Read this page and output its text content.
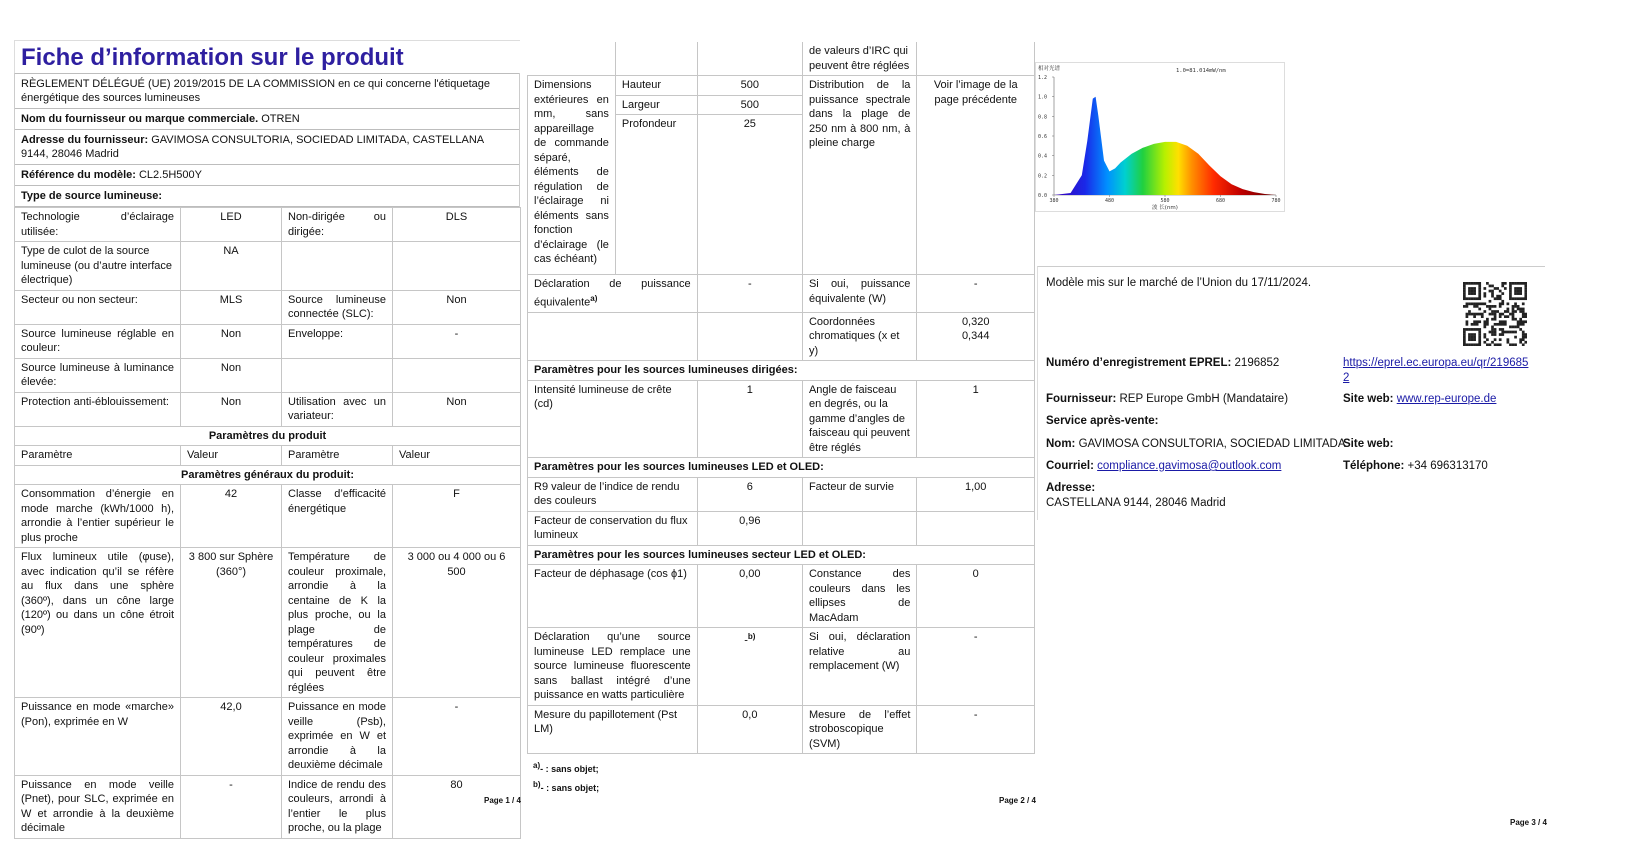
Fiche d’information sur le produit
RÈGLEMENT DÉLÉGUÉ (UE) 2019/2015 DE LA COMMISSION en ce qui concerne l'étiquetage énergétique des sources lumineuses
Nom du fournisseur ou marque commerciale. OTREN
Adresse du fournisseur: GAVIMOSA CONSULTORIA, SOCIEDAD LIMITADA, CASTELLANA 9144, 28046 Madrid
Référence du modèle: CL2.5H500Y
Type de source lumineuse:
Technologie d’éclairage utilisée:	LED	Non-dirigée ou dirigée:	DLS
Type de culot de la source lumineuse (ou d’autre interface électrique)	NA		
Secteur ou non secteur:	MLS	Source lumineuse connectée (SLC):	Non
Source lumineuse réglable en couleur:	Non	Enveloppe:	-
Source lumineuse à luminance élevée:	Non		
Protection anti-éblouissement:	Non	Utilisation avec un variateur:	Non
Paramètres du produit			
Paramètre	Valeur	Paramètre	Valeur
Paramètres généraux du produit:			
Consommation d’énergie en mode marche (kWh/1000 h), arrondie à l’entier supérieur le plus proche	42	Classe d’efficacité énergétique	F
Flux lumineux utile (φuse), avec indication qu’il se réfère au flux dans une sphère (360º), dans un cône large (120º) ou dans un cône étroit (90º)	3 800 sur Sphère (360°)	Température de couleur proximale, arrondie à la centaine de K la plus proche, ou la plage de températures de couleur proximales qui peuvent être réglées	3 000 ou 4 000 ou 6 500
Puissance en mode «marche» (Pon), exprimée en W	42,0	Puissance en mode veille (Psb), exprimée en W et arrondie à la deuxième décimale	-
Puissance en mode veille (Pnet), pour SLC, exprimée en W et arrondie à la deuxième décimale	-	Indice de rendu des couleurs, arrondi à l’entier le plus proche, ou la plage	80
Page 1 / 4
			de valeurs d’IRC qui peuvent être réglées	
Dimensions extérieures en mm, sans appareillage de commande séparé, éléments de régulation de l’éclairage ni éléments sans fonction d’éclairage (le cas échéant)	Hauteur	500	Distribution de la puissance spectrale dans la plage de 250 nm à 800 nm, à pleine charge	Voir l’image de la page précédente
	Largeur	500		
	Profondeur	25		
Déclaration de puissance équivalente$^{a)}$		-	Si oui, puissance équivalente (W)	-
			Coordonnées chromatiques (x et y)	0,320
0,344

Paramètres pour les sources lumineuses dirigées:				
Intensité lumineuse de crête (cd)		1	Angle de faisceau en degrés, ou la gamme d’angles de faisceau qui peuvent être réglés	1
Paramètres pour les sources lumineuses LED et OLED:				
R9 valeur de l’indice de rendu des couleurs		6	Facteur de survie	1,00
Facteur de conservation du flux lumineux		0,96		
Paramètres pour les sources lumineuses secteur LED et OLED:				
Facteur de déphasage (cos ϕ1)		0,00	Constance des couleurs dans les ellipses de MacAdam	0
Déclaration qu’une source lumineuse LED remplace une source lumineuse fluorescente sans ballast intégré d’une puissance en watts particulière		-$^{b)}$	Si oui, déclaration relative au remplacement (W)	-
Mesure du papillotement (Pst LM)		0,0	Mesure de l’effet stroboscopique (SVM)	-
$^{a)}$- : sans objet;
$^{b)}$- : sans objet;
Page 2 / 4
0.0
0.2
0.4
0.6
0.8
1.0
1.2
380	480	580	680	780
相对光谱	1.0=81.014mW/nm
波 长(nm)
Modèle mis sur le marché de l’Union du 17/11/2024.
Numéro d’enregistrement EPREL: 2196852	https://eprel.ec.europa.eu/qr/2196852
Fournisseur: REP Europe GmbH (Mandataire)	Site web: www.rep-europe.de
Service après-vente:
Nom: GAVIMOSA CONSULTORIA, SOCIEDAD LIMITADA
Site web:
Courriel: compliance.gavimosa@outlook.com	Téléphone: +34 696313170
Adresse:
CASTELLANA 9144, 28046 Madrid
Page 3 / 4
